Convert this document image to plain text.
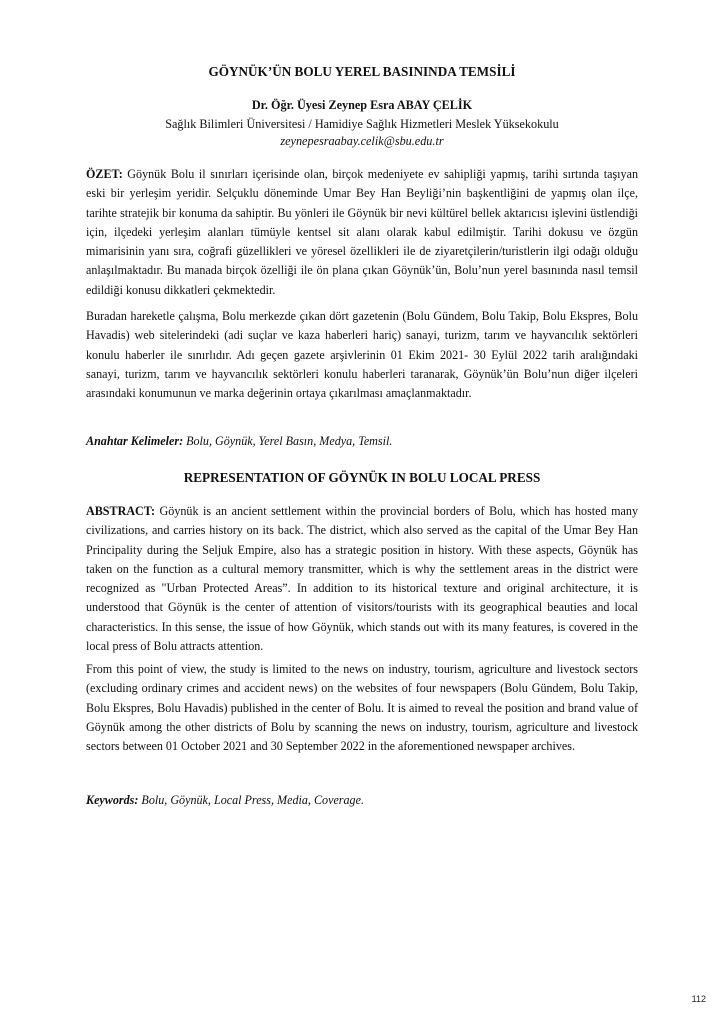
GÖYNÜK’ÜN BOLU YEREL BASININDA TEMSİLİ
Dr. Öğr. Üyesi Zeynep Esra ABAY ÇELİK
Sağlık Bilimleri Üniversitesi / Hamidiye Sağlık Hizmetleri Meslek Yüksekokulu
zeynepesraabay.celik@sbu.edu.tr

ÖZET: Göynük Bolu il sınırları içerisinde olan, birçok medeniyete ev sahipliği yapmış, tarihi sırtında taşıyan eski bir yerleşim yeridir. Selçuklu döneminde Umar Bey Han Beyliği’nin başkentliğini de yapmış olan ilçe, tarihte stratejik bir konuma da sahiptir. Bu yönleri ile Göynük bir nevi kültürel bellek aktarıcısı işlevini üstlendiği için, ilçedeki yerleşim alanları tümüyle kentsel sit alanı olarak kabul edilmiştir. Tarihi dokusu ve özgün mimarisinin yanı sıra, coğrafi güzellikleri ve yöresel özellikleri ile de ziyaretçilerin/turistlerin ilgi odağı olduğu anlaşılmaktadır. Bu manada birçok özelliği ile ön plana çıkan Göynük’ün, Bolu’nun yerel basınında nasıl temsil edildiği konusu dikkatleri çekmektedir.

Buradan hareketle çalışma, Bolu merkezde çıkan dört gazetenin (Bolu Gündem, Bolu Takip, Bolu Ekspres, Bolu Havadis) web sitelerindeki (adi suçlar ve kaza haberleri hariç) sanayi, turizm, tarım ve hayvancılık sektörleri konulu haberler ile sınırlıdır. Adı geçen gazete arşivlerinin 01 Ekim 2021- 30 Eylül 2022 tarih aralığındaki sanayi, turizm, tarım ve hayvancılık sektörleri konulu haberleri taranarak, Göynük’ün Bolu’nun diğer ilçeleri arasındaki konumunun ve marka değerinin ortaya çıkarılması amaçlanmaktadır.

Anahtar Kelimeler: Bolu, Göynük, Yerel Basın, Medya, Temsil.

REPRESENTATION OF GÖYNÜK IN BOLU LOCAL PRESS

ABSTRACT: Göynük is an ancient settlement within the provincial borders of Bolu, which has hosted many civilizations, and carries history on its back. The district, which also served as the capital of the Umar Bey Han Principality during the Seljuk Empire, also has a strategic position in history. With these aspects, Göynük has taken on the function as a cultural memory transmitter, which is why the settlement areas in the district were recognized as "Urban Protected Areas”. In addition to its historical texture and original architecture, it is understood that Göynük is the center of attention of visitors/tourists with its geographical beauties and local characteristics. In this sense, the issue of how Göynük, which stands out with its many features, is covered in the local press of Bolu attracts attention.

From this point of view, the study is limited to the news on industry, tourism, agriculture and livestock sectors (excluding ordinary crimes and accident news) on the websites of four newspapers (Bolu Gündem, Bolu Takip, Bolu Ekspres, Bolu Havadis) published in the center of Bolu. It is aimed to reveal the position and brand value of Göynük among the other districts of Bolu by scanning the news on industry, tourism, agriculture and livestock sectors between 01 October 2021 and 30 September 2022 in the aforementioned newspaper archives.

Keywords: Bolu, Göynük, Local Press, Media, Coverage.

112
